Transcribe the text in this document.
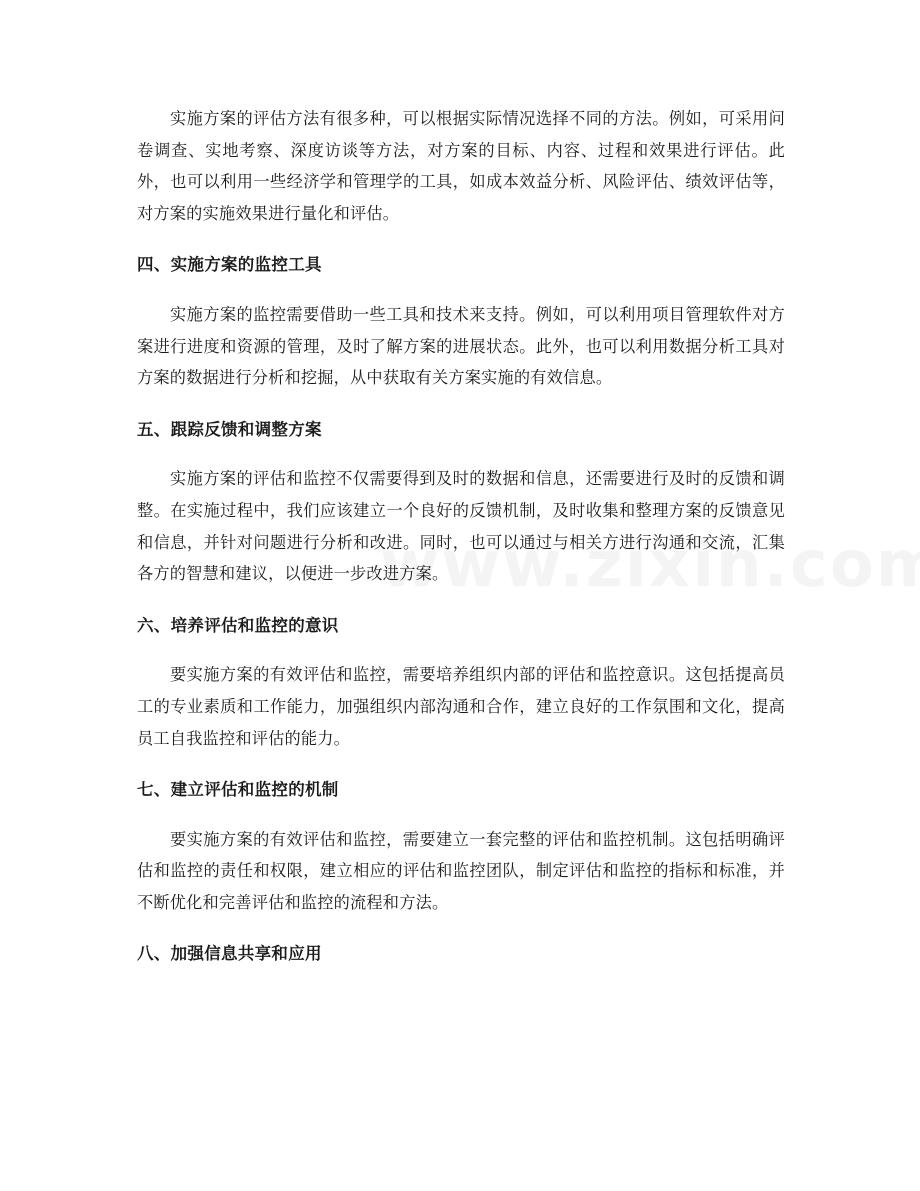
实施方案的评估方法有很多种，可以根据实际情况选择不同的方法。例如，可采用问卷调查、实地考察、深度访谈等方法，对方案的目标、内容、过程和效果进行评估。此外，也可以利用一些经济学和管理学的工具，如成本效益分析、风险评估、绩效评估等，对方案的实施效果进行量化和评估。

四、实施方案的监控工具

实施方案的监控需要借助一些工具和技术来支持。例如，可以利用项目管理软件对方案进行进度和资源的管理，及时了解方案的进展状态。此外，也可以利用数据分析工具对方案的数据进行分析和挖掘，从中获取有关方案实施的有效信息。

五、跟踪反馈和调整方案

实施方案的评估和监控不仅需要得到及时的数据和信息，还需要进行及时的反馈和调整。在实施过程中，我们应该建立一个良好的反馈机制，及时收集和整理方案的反馈意见和信息，并针对问题进行分析和改进。同时，也可以通过与相关方进行沟通和交流，汇集各方的智慧和建议，以便进一步改进方案。

六、培养评估和监控的意识

要实施方案的有效评估和监控，需要培养组织内部的评估和监控意识。这包括提高员工的专业素质和工作能力，加强组织内部沟通和合作，建立良好的工作氛围和文化，提高员工自我监控和评估的能力。

七、建立评估和监控的机制

要实施方案的有效评估和监控，需要建立一套完整的评估和监控机制。这包括明确评估和监控的责任和权限，建立相应的评估和监控团队，制定评估和监控的指标和标准，并不断优化和完善评估和监控的流程和方法。

八、加强信息共享和应用
